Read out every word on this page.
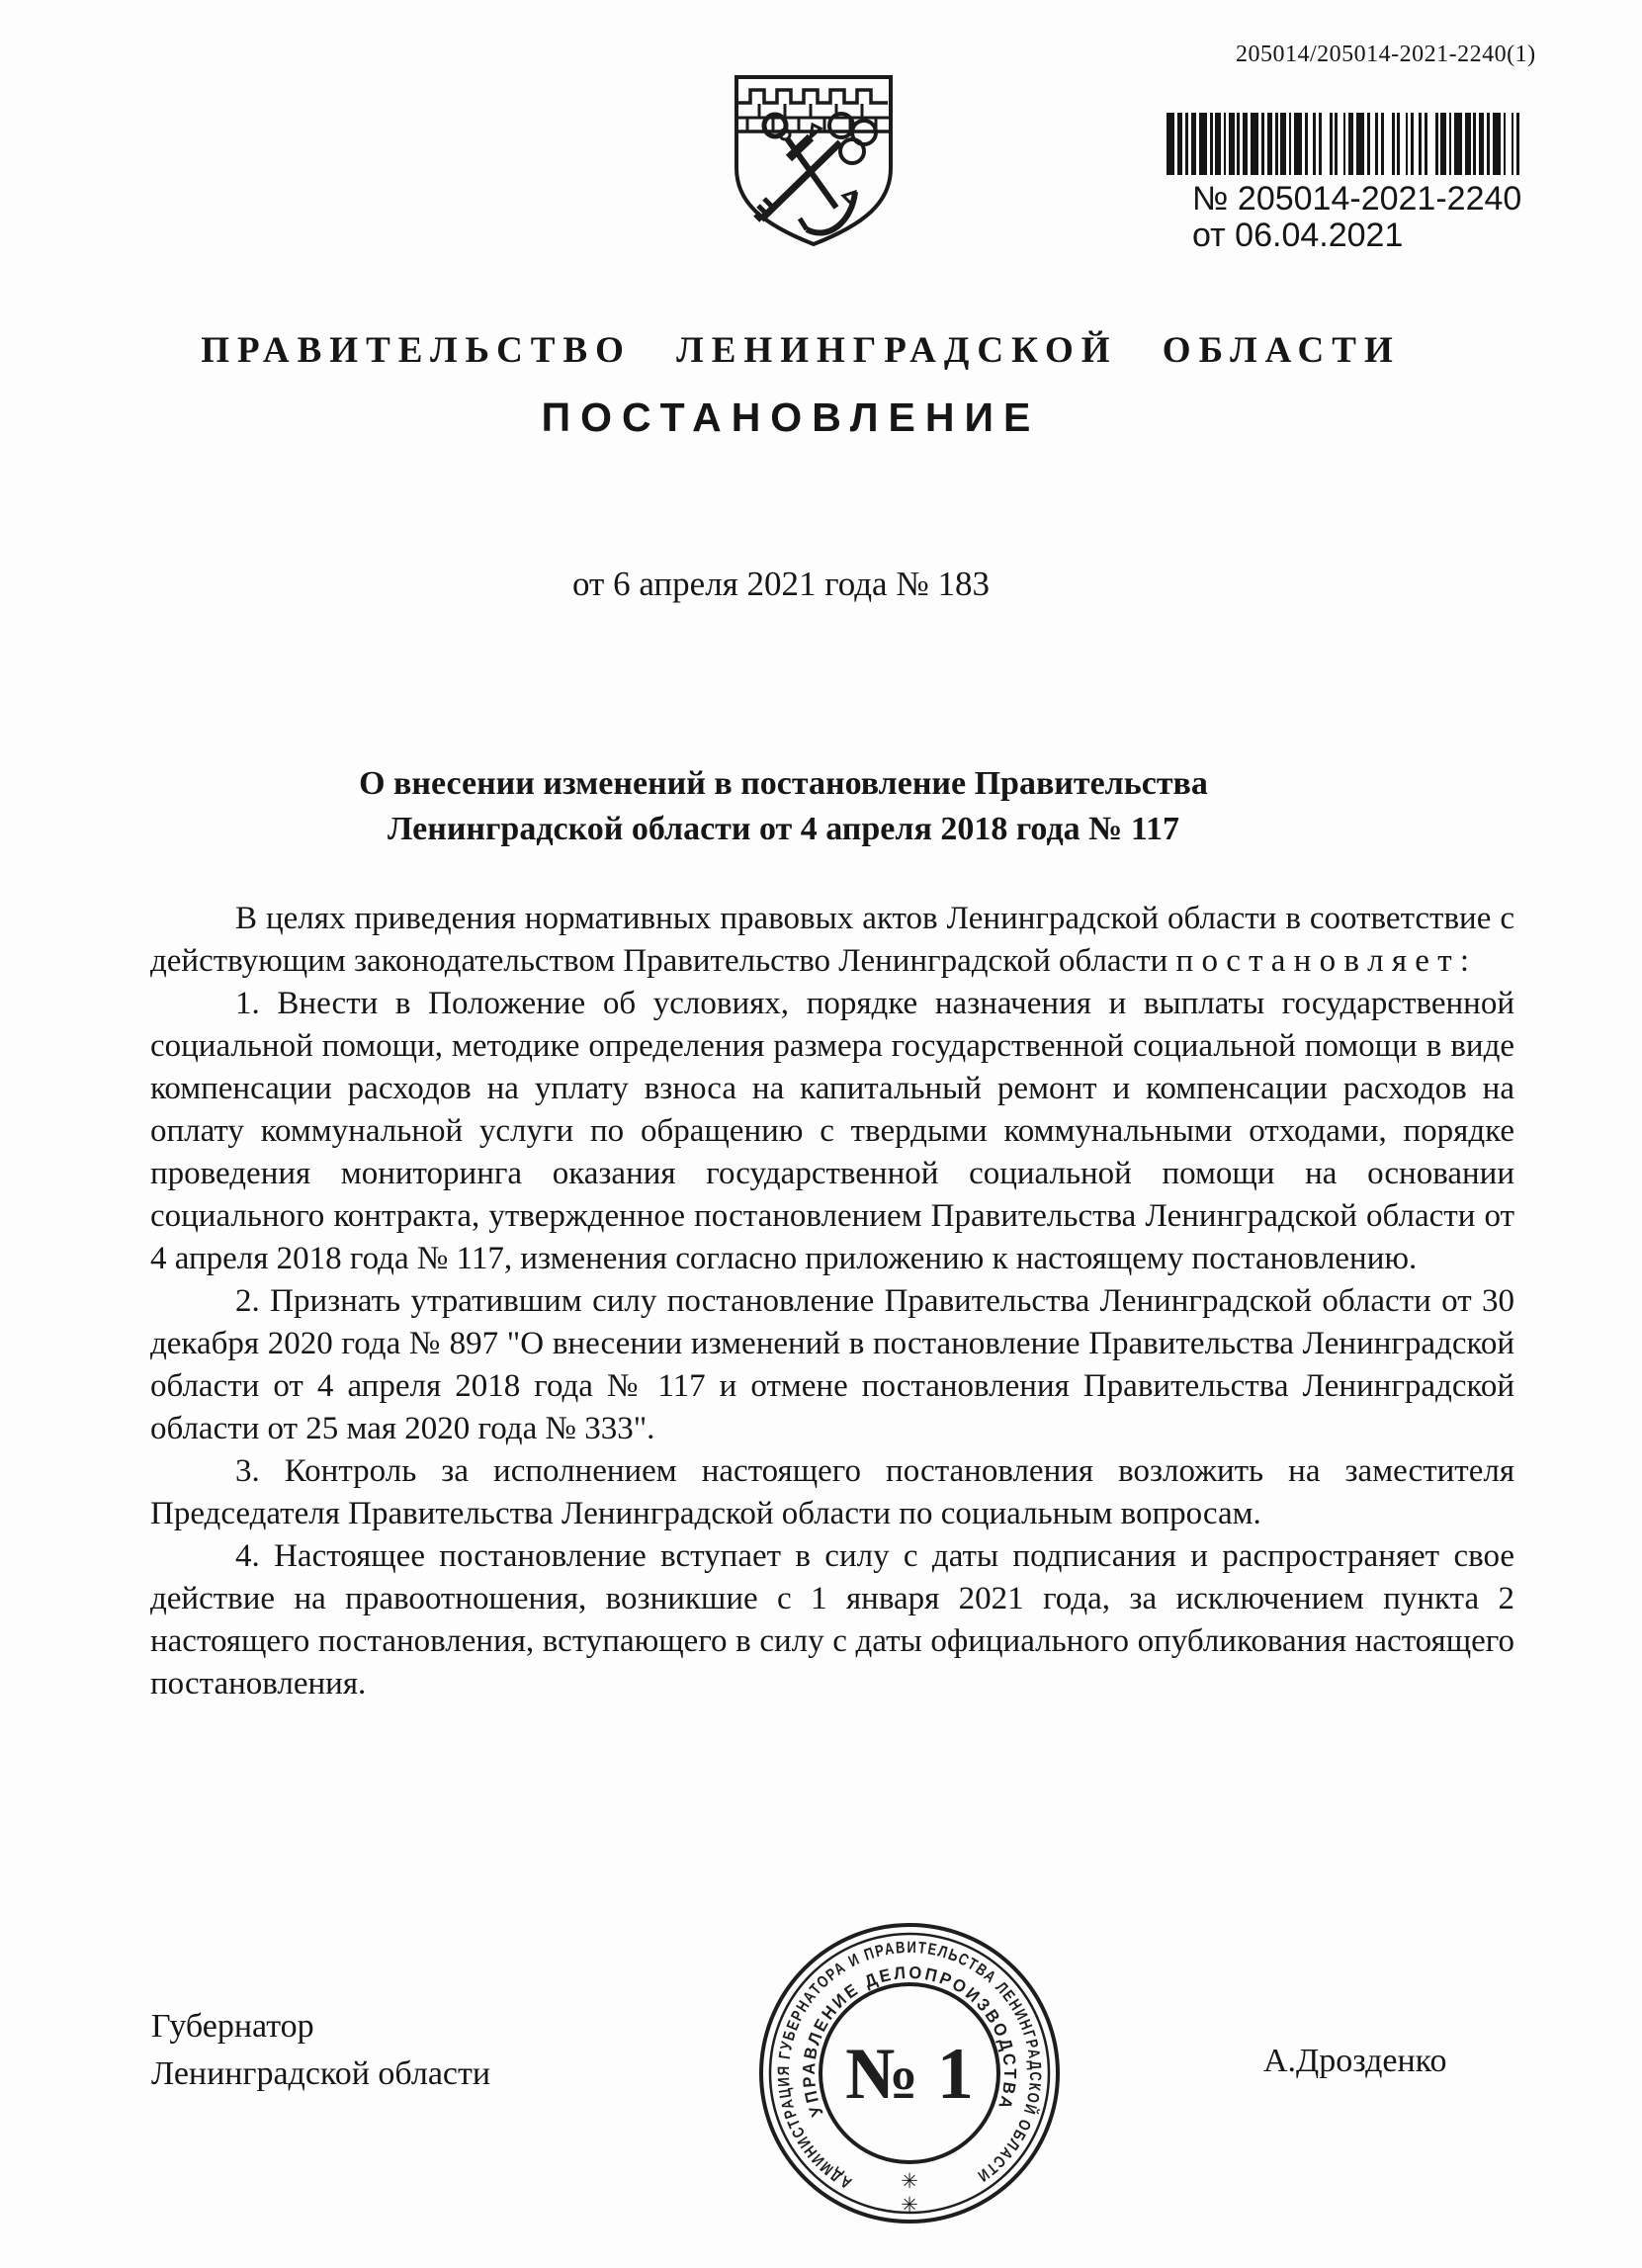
205014/205014-2021-2240(1)
№ 205014-2021-2240
от 06.04.2021
ПРАВИТЕЛЬСТВО ЛЕНИНГРАДСКОЙ ОБЛАСТИ
ПОСТАНОВЛЕНИЕ
от 6 апреля 2021 года № 183
О внесении изменений в постановление Правительства
Ленинградской области от 4 апреля 2018 года № 117

В целях приведения нормативных правовых актов Ленинградской области в соответствие с действующим законодательством Правительство Ленинградской области п о с т а н о в л я е т :

1. Внести в Положение об условиях, порядке назначения и выплаты государственной социальной помощи, методике определения размера государственной социальной помощи в виде компенсации расходов на уплату взноса на капитальный ремонт и компенсации расходов на оплату коммунальной услуги по обращению с твердыми коммунальными отходами, порядке проведения мониторинга оказания государственной социальной помощи на основании социального контракта, утвержденное постановлением Правительства Ленинградской области от 4 апреля 2018 года № 117, изменения согласно приложению к настоящему постановлению.

2. Признать утратившим силу постановление Правительства Ленинградской области от 30 декабря 2020 года № 897 "О внесении изменений в постановление Правительства Ленинградской области от 4 апреля 2018 года № 117 и отмене постановления Правительства Ленинградской области от 25 мая 2020 года № 333".

3. Контроль за исполнением настоящего постановления возложить на заместителя Председателя Правительства Ленинградской области по социальным вопросам.

4. Настоящее постановление вступает в силу с даты подписания и распространяет свое действие на правоотношения, возникшие с 1 января 2021 года, за исключением пункта 2 настоящего постановления, вступающего в силу с даты официального опубликования настоящего постановления.

Губернатор
Ленинградской области	А.Дрозденко
АДМИНИСТРАЦИЯ ГУБЕРНАТОРА И ПРАВИТЕЛЬСТВА ЛЕНИНГРАДСКОЙ ОБЛАСТИ
УПРАВЛЕНИЕ ДЕЛОПРОИЗВОДСТВА
✳
✳
№ 1
